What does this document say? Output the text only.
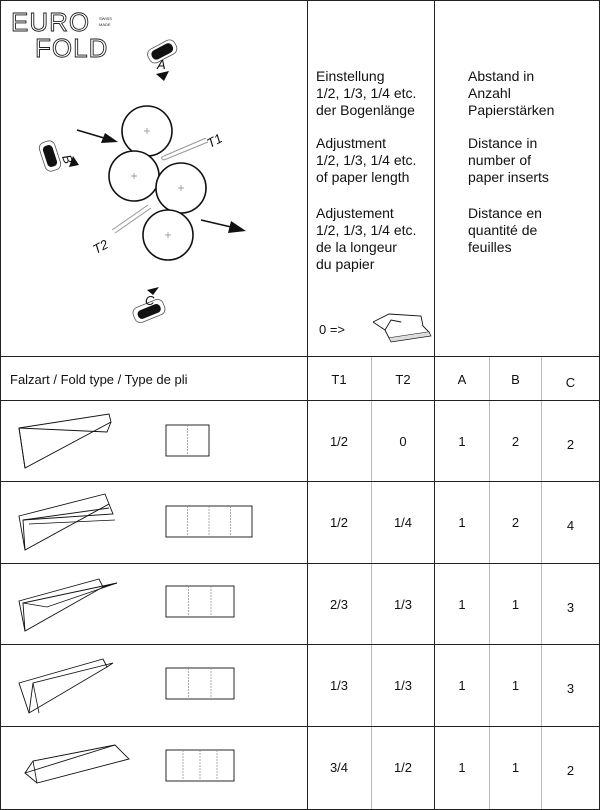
EURO
FOLD
SWISS
MADE
A
B
C
T1
T2
Einstellung
1/2, 1/3, 1/4 etc.
der Bogenlänge
Adjustment
1/2, 1/3, 1/4 etc.
of paper length
Adjustement
1/2, 1/3, 1/4 etc.
de la longeur
du papier
0 =>
Abstand in
Anzahl
Papierstärken
Distance in
number of
paper inserts
Distance en
quantité de
feuilles
Falzart / Fold type / Type de pli	T1	T2	A	B	C
1/2	0	1	2	2
1/2	1/4	1	2	4
2/3	1/3	1	1	3
1/3	1/3	1	1	3
3/4	1/2	1	1	2
